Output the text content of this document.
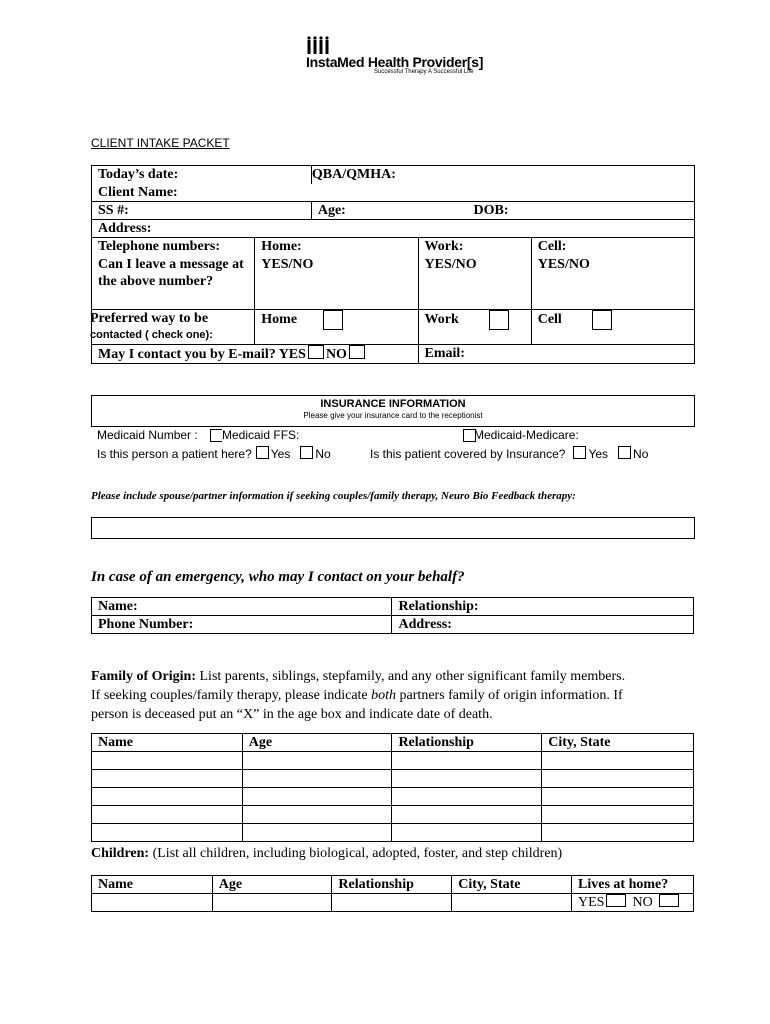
InstaMed Health Provider[s]
Successful Therapy A Successful Life
CLIENT INTAKE PACKET
Today’s date:		QBA/QMHA:		
Client Name:				
SS #:		Age: DOB:		

Address:				
Telephone numbers:	Home:		Work:	Cell:
Can I leave a message at the above number?	YES/NO		YES/NO	YES/NO

Preferred way to be
contacted ( check one):	Home		Work	Cell
May I contact you by E-mail? YES NO			Email:	
INSURANCE INFORMATION
Please give your insurance card to the receptionist
Medicaid Number : Medicaid FFS:	Medicaid-Medicare:
Is this person a patient here? Yes No	Is this patient covered by Insurance? Yes No
Please include spouse/partner information if seeking couples/family therapy, Neuro Bio Feedback therapy:
In case of an emergency, who may I contact on your behalf?
Name:	Relationship:
Phone Number:	Address:
Family of Origin: List parents, siblings, stepfamily, and any other significant family members.
If seeking couples/family therapy, please indicate both partners family of origin information. If
person is deceased put an “X” in the age box and indicate date of death.
Name	Age	Relationship	City, State

Children: (List all children, including biological, adopted, foster, and step children)
Name	Age	Relationship	City, State	Lives at home?
				YES NO
